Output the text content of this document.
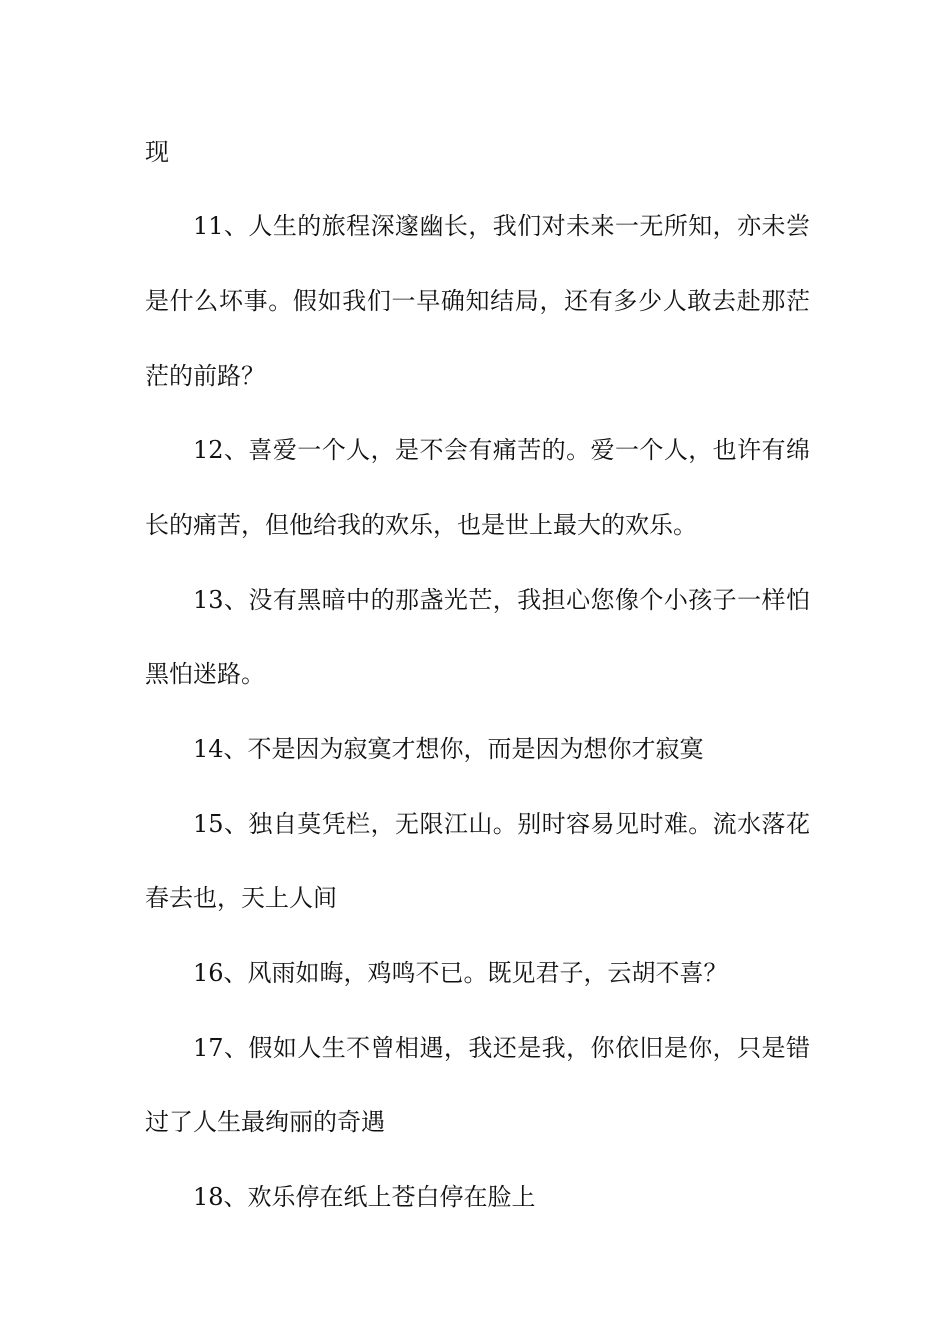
现
11、人生的旅程深邃幽长，我们对未来一无所知，亦未尝
是什么坏事。假如我们一早确知结局，还有多少人敢去赴那茫
茫的前路？
12、喜爱一个人，是不会有痛苦的。爱一个人，也许有绵
长的痛苦，但他给我的欢乐，也是世上最大的欢乐。
13、没有黑暗中的那盏光芒，我担心您像个小孩子一样怕
黑怕迷路。
14、不是因为寂寞才想你，而是因为想你才寂寞
15、独自莫凭栏，无限江山。别时容易见时难。流水落花
春去也，天上人间
16、风雨如晦，鸡鸣不已。既见君子，云胡不喜？
17、假如人生不曾相遇，我还是我，你依旧是你，只是错
过了人生最绚丽的奇遇
18、欢乐停在纸上苍白停在脸上
